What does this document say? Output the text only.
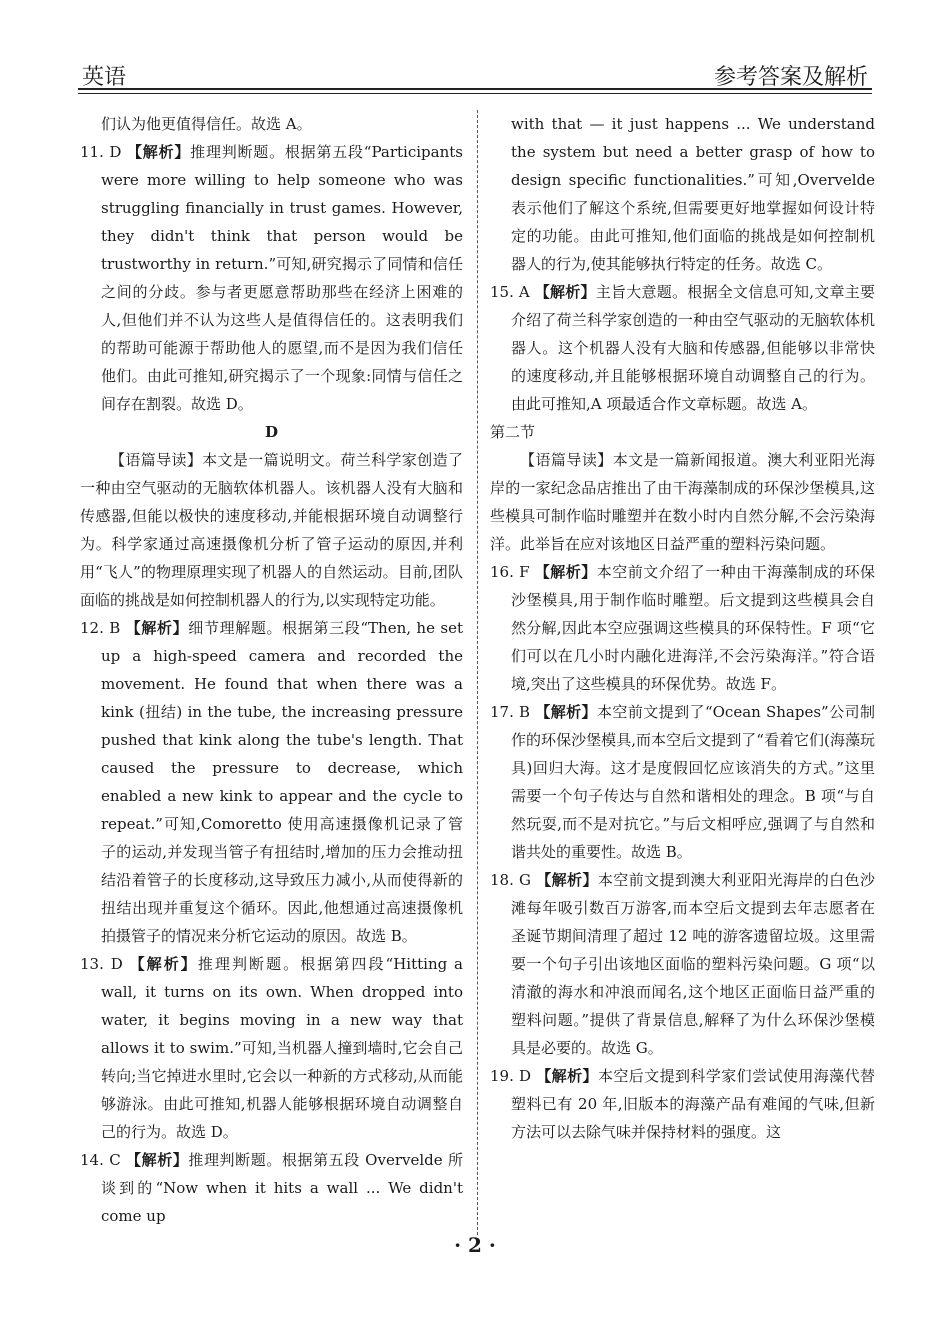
英语	参考答案及解析
们认为他更值得信任。故选 A。
11. D 【解析】推理判断题。根据第五段“Participants were more willing to help someone who was struggling financially in trust games. However, they didn't think that person would be trustworthy in return.”可知,研究揭示了同情和信任之间的分歧。参与者更愿意帮助那些在经济上困难的人,但他们并不认为这些人是值得信任的。这表明我们的帮助可能源于帮助他人的愿望,而不是因为我们信任他们。由此可推知,研究揭示了一个现象:同情与信任之间存在割裂。故选 D。
D
【语篇导读】本文是一篇说明文。荷兰科学家创造了一种由空气驱动的无脑软体机器人。该机器人没有大脑和传感器,但能以极快的速度移动,并能根据环境自动调整行为。科学家通过高速摄像机分析了管子运动的原因,并利用“飞人”的物理原理实现了机器人的自然运动。目前,团队面临的挑战是如何控制机器人的行为,以实现特定功能。
12. B 【解析】细节理解题。根据第三段“Then, he set up a high-speed camera and recorded the movement. He found that when there was a kink (扭结) in the tube, the increasing pressure pushed that kink along the tube's length. That caused the pressure to decrease, which enabled a new kink to appear and the cycle to repeat.”可知,Comoretto 使用高速摄像机记录了管子的运动,并发现当管子有扭结时,增加的压力会推动扭结沿着管子的长度移动,这导致压力减小,从而使得新的扭结出现并重复这个循环。因此,他想通过高速摄像机拍摄管子的情况来分析它运动的原因。故选 B。
13. D 【解析】推理判断题。根据第四段“Hitting a wall, it turns on its own. When dropped into water, it begins moving in a new way that allows it to swim.”可知,当机器人撞到墙时,它会自己转向;当它掉进水里时,它会以一种新的方式移动,从而能够游泳。由此可推知,机器人能够根据环境自动调整自己的行为。故选 D。
14. C 【解析】推理判断题。根据第五段 Overvelde 所谈到的“Now when it hits a wall ... We didn't come up
with that — it just happens ... We understand the system but need a better grasp of how to design specific functionalities.”可知,Overvelde 表示他们了解这个系统,但需要更好地掌握如何设计特定的功能。由此可推知,他们面临的挑战是如何控制机器人的行为,使其能够执行特定的任务。故选 C。
15. A 【解析】主旨大意题。根据全文信息可知,文章主要介绍了荷兰科学家创造的一种由空气驱动的无脑软体机器人。这个机器人没有大脑和传感器,但能够以非常快的速度移动,并且能够根据环境自动调整自己的行为。由此可推知,A 项最适合作文章标题。故选 A。
第二节
【语篇导读】本文是一篇新闻报道。澳大利亚阳光海岸的一家纪念品店推出了由干海藻制成的环保沙堡模具,这些模具可制作临时雕塑并在数小时内自然分解,不会污染海洋。此举旨在应对该地区日益严重的塑料污染问题。
16. F 【解析】本空前文介绍了一种由干海藻制成的环保沙堡模具,用于制作临时雕塑。后文提到这些模具会自然分解,因此本空应强调这些模具的环保特性。F 项“它们可以在几小时内融化进海洋,不会污染海洋。”符合语境,突出了这些模具的环保优势。故选 F。
17. B 【解析】本空前文提到了“Ocean Shapes”公司制作的环保沙堡模具,而本空后文提到了“看着它们(海藻玩具)回归大海。这才是度假回忆应该消失的方式。”这里需要一个句子传达与自然和谐相处的理念。B 项“与自然玩耍,而不是对抗它。”与后文相呼应,强调了与自然和谐共处的重要性。故选 B。
18. G 【解析】本空前文提到澳大利亚阳光海岸的白色沙滩每年吸引数百万游客,而本空后文提到去年志愿者在圣诞节期间清理了超过 12 吨的游客遗留垃圾。这里需要一个句子引出该地区面临的塑料污染问题。G 项“以清澈的海水和冲浪而闻名,这个地区正面临日益严重的塑料问题。”提供了背景信息,解释了为什么环保沙堡模具是必要的。故选 G。
19. D 【解析】本空后文提到科学家们尝试使用海藻代替塑料已有 20 年,旧版本的海藻产品有难闻的气味,但新方法可以去除气味并保持材料的强度。这
· 2 ·
